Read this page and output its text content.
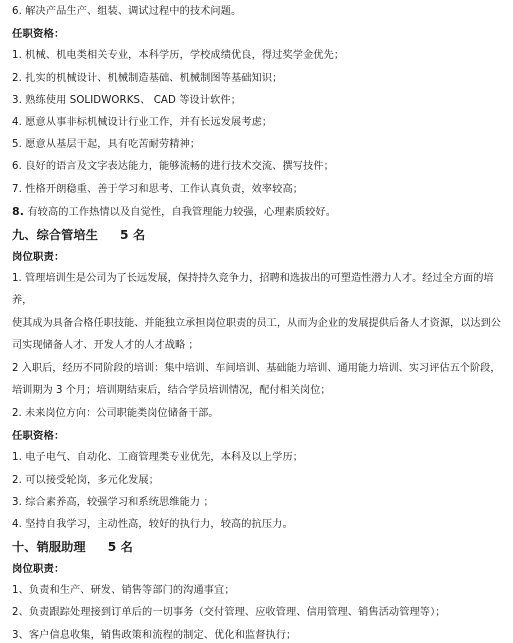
6. 解决产品生产、组装、调试过程中的技术问题。

任职资格：

1. 机械、机电类相关专业，本科学历，学校成绩优良，得过奖学金优先；

2. 扎实的机械设计、机械制造基础、机械制图等基础知识；

3. 熟练使用 SOLIDWORKS、 CAD 等设计软件；

4. 愿意从事非标机械设计行业工作，并有长远发展考虑；

5. 愿意从基层干起，具有吃苦耐劳精神；

6. 良好的语言及文字表达能力，能够流畅的进行技术交流、撰写技件；

7. 性格开朗稳重、善于学习和思考、工作认真负责，效率较高；

8. 有较高的工作热情以及自觉性，自我管理能力较强，心理素质较好。

九、综合管培生 5 名

岗位职责：

1. 管理培训生是公司为了长远发展，保持持久竞争力，招聘和选拔出的可塑造性潜力人才。经过全方面的培养，
使其成为具备合格任职技能、并能独立承担岗位职责的员工，从而为企业的发展提供后备人才资源，以达到公
司实现储备人才、开发人才的人才战略 ；

2 入职后，经历不同阶段的培训：集中培训、车间培训、基础能力培训、通用能力培训、实习评估五个阶段，
培训期为 3 个月；培训期结束后，结合学员培训情况，配付相关岗位；

2. 未来岗位方向：公司职能类岗位储备干部。

任职资格：

1. 电子电气、自动化、工商管理类专业优先，本科及以上学历；

2. 可以接受轮岗，多元化发展；

3. 综合素养高，较强学习和系统思维能力 ；

4. 坚持自我学习，主动性高，较好的执行力，较高的抗压力。

十、销服助理 5 名

岗位职责：

1、负责和生产、研发、销售等部门的沟通事宜；

2、负责跟踪处理接到订单后的一切事务（交付管理、应收管理、信用管理、销售活动管理等）；

3、客户信息收集，销售政策和流程的制定、优化和监督执行；
